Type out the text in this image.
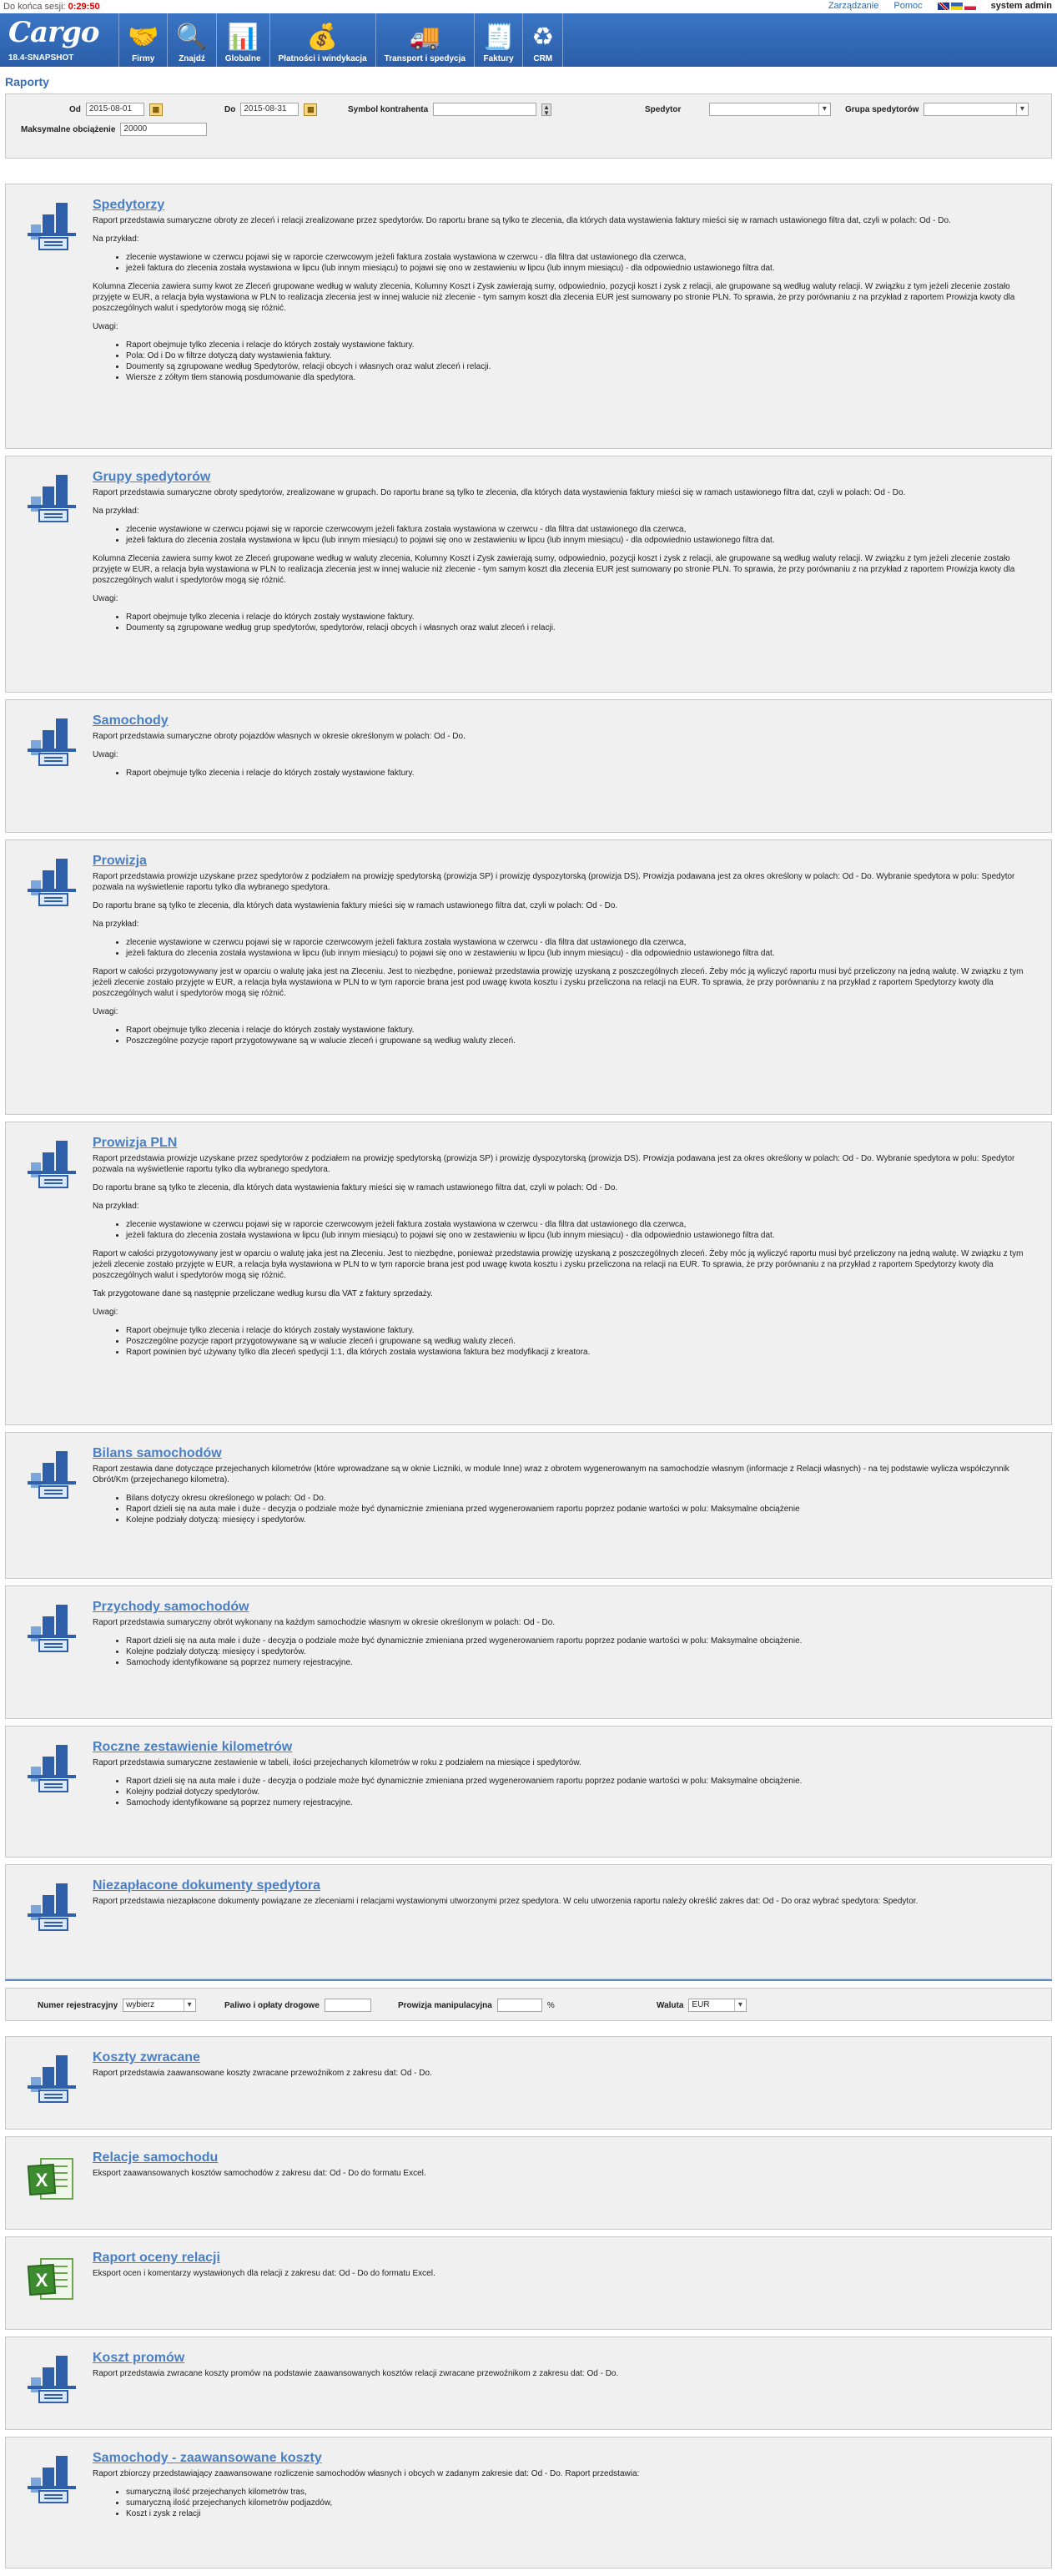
Do końca sesji: 0:29:50	Zarządzanie Pomoc	system admin
Cargo
18.4-SNAPSHOT
🤝
Firmy
🔍
Znajdź
📊
Globalne
💰
Płatności i windykacja
🚚
Transport i spedycja
🧾
Faktury
♻
CRM
Raporty
Od	2015-08-01	▦	Do	2015-08-31	▦	Symbol kontrahenta	▲
▼	Spedytor ▾	Grupa spedytorów
▾
Maksymalne obciążenie	20000
Spedytorzy

Raport przedstawia sumaryczne obroty ze zleceń i relacji zrealizowane przez spedytorów. Do raportu brane są tylko te zlecenia, dla których data wystawienia faktury mieści się w ramach ustawionego filtra dat, czyli w polach: Od - Do.

Na przykład:

• zlecenie wystawione w czerwcu pojawi się w raporcie czerwcowym jeżeli faktura została wystawiona w czerwcu - dla filtra dat ustawionego dla czerwca,
• jeżeli faktura do zlecenia została wystawiona w lipcu (lub innym miesiącu) to pojawi się ono w zestawieniu w lipcu (lub innym miesiącu) - dla odpowiednio ustawionego filtra dat.

Kolumna Zlecenia zawiera sumy kwot ze Zleceń grupowane według w waluty zlecenia, Kolumny Koszt i Zysk zawierają sumy, odpowiednio, pozycji koszt i zysk z relacji, ale grupowane są według waluty relacji. W związku z tym jeżeli zlecenie zostało przyjęte w EUR, a relacja była wystawiona w PLN to realizacja zlecenia jest w innej walucie niż zlecenie - tym samym koszt dla zlecenia EUR jest sumowany po stronie PLN. To sprawia, że przy porównaniu z na przykład z raportem Prowizja kwoty dla poszczególnych walut i spedytorów mogą się różnić.

Uwagi:

• Raport obejmuje tylko zlecenia i relacje do których zostały wystawione faktury.
• Pola: Od i Do w filtrze dotyczą daty wystawienia faktury.
• Doumenty są zgrupowane według Spedytorów, relacji obcych i własnych oraz walut zleceń i relacji.
• Wiersze z zółtym tłem stanowią posdumowanie dla spedytora.
Grupy spedytorów

Raport przedstawia sumaryczne obroty spedytorów, zrealizowane w grupach. Do raportu brane są tylko te zlecenia, dla których data wystawienia faktury mieści się w ramach ustawionego filtra dat, czyli w polach: Od - Do.

Na przykład:

• zlecenie wystawione w czerwcu pojawi się w raporcie czerwcowym jeżeli faktura została wystawiona w czerwcu - dla filtra dat ustawionego dla czerwca,
• jeżeli faktura do zlecenia została wystawiona w lipcu (lub innym miesiącu) to pojawi się ono w zestawieniu w lipcu (lub innym miesiącu) - dla odpowiednio ustawionego filtra dat.

Kolumna Zlecenia zawiera sumy kwot ze Zleceń grupowane według w waluty zlecenia, Kolumny Koszt i Zysk zawierają sumy, odpowiednio, pozycji koszt i zysk z relacji, ale grupowane są według waluty relacji. W związku z tym jeżeli zlecenie zostało przyjęte w EUR, a relacja była wystawiona w PLN to realizacja zlecenia jest w innej walucie niż zlecenie - tym samym koszt dla zlecenia EUR jest sumowany po stronie PLN. To sprawia, że przy porównaniu z na przykład z raportem Prowizja kwoty dla poszczególnych walut i spedytorów mogą się różnić.

Uwagi:

• Raport obejmuje tylko zlecenia i relacje do których zostały wystawione faktury.
• Doumenty są zgrupowane według grup spedytorów, spedytorów, relacji obcych i własnych oraz walut zleceń i relacji.
Samochody

Raport przedstawia sumaryczne obroty pojazdów własnych w okresie określonym w polach: Od - Do.

Uwagi:

• Raport obejmuje tylko zlecenia i relacje do których zostały wystawione faktury.
Prowizja

Raport przedstawia prowizje uzyskane przez spedytorów z podziałem na prowizję spedytorską (prowizja SP) i prowizję dyspozytorską (prowizja DS). Prowizja podawana jest za okres określony w polach: Od - Do. Wybranie spedytora w polu: Spedytor pozwala na wyświetlenie raportu tylko dla wybranego spedytora.

Do raportu brane są tylko te zlecenia, dla których data wystawienia faktury mieści się w ramach ustawionego filtra dat, czyli w polach: Od - Do.

Na przykład:

• zlecenie wystawione w czerwcu pojawi się w raporcie czerwcowym jeżeli faktura została wystawiona w czerwcu - dla filtra dat ustawionego dla czerwca,
• jeżeli faktura do zlecenia została wystawiona w lipcu (lub innym miesiącu) to pojawi się ono w zestawieniu w lipcu (lub innym miesiącu) - dla odpowiednio ustawionego filtra dat.

Raport w całości przygotowywany jest w oparciu o walutę jaka jest na Zleceniu. Jest to niezbędne, ponieważ przedstawia prowizję uzyskaną z poszczególnych zleceń. Żeby móc ją wyliczyć raportu musi być przeliczony na jedną walutę. W związku z tym jeżeli zlecenie zostało przyjęte w EUR, a relacja była wystawiona w PLN to w tym raporcie brana jest pod uwagę kwota kosztu i zysku przeliczona na relacji na EUR. To sprawia, że przy porównaniu z na przykład z raportem Spedytorzy kwoty dla poszczególnych walut i spedytorów mogą się różnić.

Uwagi:

• Raport obejmuje tylko zlecenia i relacje do których zostały wystawione faktury.
• Poszczególne pozycje raport przygotowywane są w walucie zleceń i grupowane są według waluty zleceń.
Prowizja PLN

Raport przedstawia prowizje uzyskane przez spedytorów z podziałem na prowizję spedytorską (prowizja SP) i prowizję dyspozytorską (prowizja DS). Prowizja podawana jest za okres określony w polach: Od - Do. Wybranie spedytora w polu: Spedytor pozwala na wyświetlenie raportu tylko dla wybranego spedytora.

Do raportu brane są tylko te zlecenia, dla których data wystawienia faktury mieści się w ramach ustawionego filtra dat, czyli w polach: Od - Do.

Na przykład:

• zlecenie wystawione w czerwcu pojawi się w raporcie czerwcowym jeżeli faktura została wystawiona w czerwcu - dla filtra dat ustawionego dla czerwca,
• jeżeli faktura do zlecenia została wystawiona w lipcu (lub innym miesiącu) to pojawi się ono w zestawieniu w lipcu (lub innym miesiącu) - dla odpowiednio ustawionego filtra dat.

Raport w całości przygotowywany jest w oparciu o walutę jaka jest na Zleceniu. Jest to niezbędne, ponieważ przedstawia prowizję uzyskaną z poszczególnych zleceń. Żeby móc ją wyliczyć raportu musi być przeliczony na jedną walutę. W związku z tym jeżeli zlecenie zostało przyjęte w EUR, a relacja była wystawiona w PLN to w tym raporcie brana jest pod uwagę kwota kosztu i zysku przeliczona na relacji na EUR. To sprawia, że przy porównaniu z na przykład z raportem Spedytorzy kwoty dla poszczególnych walut i spedytorów mogą się różnić.

Tak przygotowane dane są następnie przeliczane według kursu dla VAT z faktury sprzedaży.

Uwagi:

• Raport obejmuje tylko zlecenia i relacje do których zostały wystawione faktury.
• Poszczególne pozycje raport przygotowywane są w walucie zleceń i grupowane są według waluty zleceń.
• Raport powinien być używany tylko dla zleceń spedycji 1:1, dla których została wystawiona faktura bez modyfikacji z kreatora.
Bilans samochodów

Raport zestawia dane dotyczące przejechanych kilometrów (które wprowadzane są w oknie Liczniki, w module Inne) wraz z obrotem wygenerowanym na samochodzie własnym (informacje z Relacji własnych) - na tej podstawie wylicza współczynnik Obrót/Km (przejechanego kilometra).

• Bilans dotyczy okresu określonego w polach: Od - Do.
• Raport dzieli się na auta małe i duże - decyzja o podziale może być dynamicznie zmieniana przed wygenerowaniem raportu poprzez podanie wartości w polu: Maksymalne obciążenie
• Kolejne podziały dotyczą: miesięcy i spedytorów.
Przychody samochodów

Raport przedstawia sumaryczny obrót wykonany na każdym samochodzie własnym w okresie określonym w polach: Od - Do.

• Raport dzieli się na auta małe i duże - decyzja o podziale może być dynamicznie zmieniana przed wygenerowaniem raportu poprzez podanie wartości w polu: Maksymalne obciążenie.
• Kolejne podziały dotyczą: miesięcy i spedytorów.
• Samochody identyfikowane są poprzez numery rejestracyjne.
Roczne zestawienie kilometrów

Raport przedstawia sumaryczne zestawienie w tabeli, ilości przejechanych kilometrów w roku z podziałem na miesiące i spedytorów.

• Raport dzieli się na auta małe i duże - decyzja o podziale może być dynamicznie zmieniana przed wygenerowaniem raportu poprzez podanie wartości w polu: Maksymalne obciążenie.
• Kolejny podział dotyczy spedytorów.
• Samochody identyfikowane są poprzez numery rejestracyjne.
Niezapłacone dokumenty spedytora

Raport przedstawia niezapłacone dokumenty powiązane ze zleceniami i relacjami wystawionymi utworzonymi przez spedytora. W celu utworzenia raportu należy określić zakres dat: Od - Do oraz wybrać spedytora: Spedytor.

Numer rejestracyjny	wybierz ▾	Paliwo i opłaty drogowe	Prowizja manipulacyjna	%	Waluta	EUR ▾
Koszty zwracane

Raport przedstawia zaawansowane koszty zwracane przewoźnikom z zakresu dat: Od - Do.

X
Relacje samochodu

Eksport zaawansowanych kosztów samochodów z zakresu dat: Od - Do do formatu Excel.

X
Raport oceny relacji

Eksport ocen i komentarzy wystawionych dla relacji z zakresu dat: Od - Do do formatu Excel.

Koszt promów

Raport przedstawia zwracane koszty promów na podstawie zaawansowanych kosztów relacji zwracane przewoźnikom z zakresu dat: Od - Do.

Samochody - zaawansowane koszty

Raport zbiorczy przedstawiający zaawansowane rozliczenie samochodów własnych i obcych w zadanym zakresie dat: Od - Do. Raport przedstawia:

• sumaryczną ilość przejechanych kilometrów tras,
• sumaryczną ilość przejechanych kilometrów podjazdów,
• Koszt i zysk z relacji
